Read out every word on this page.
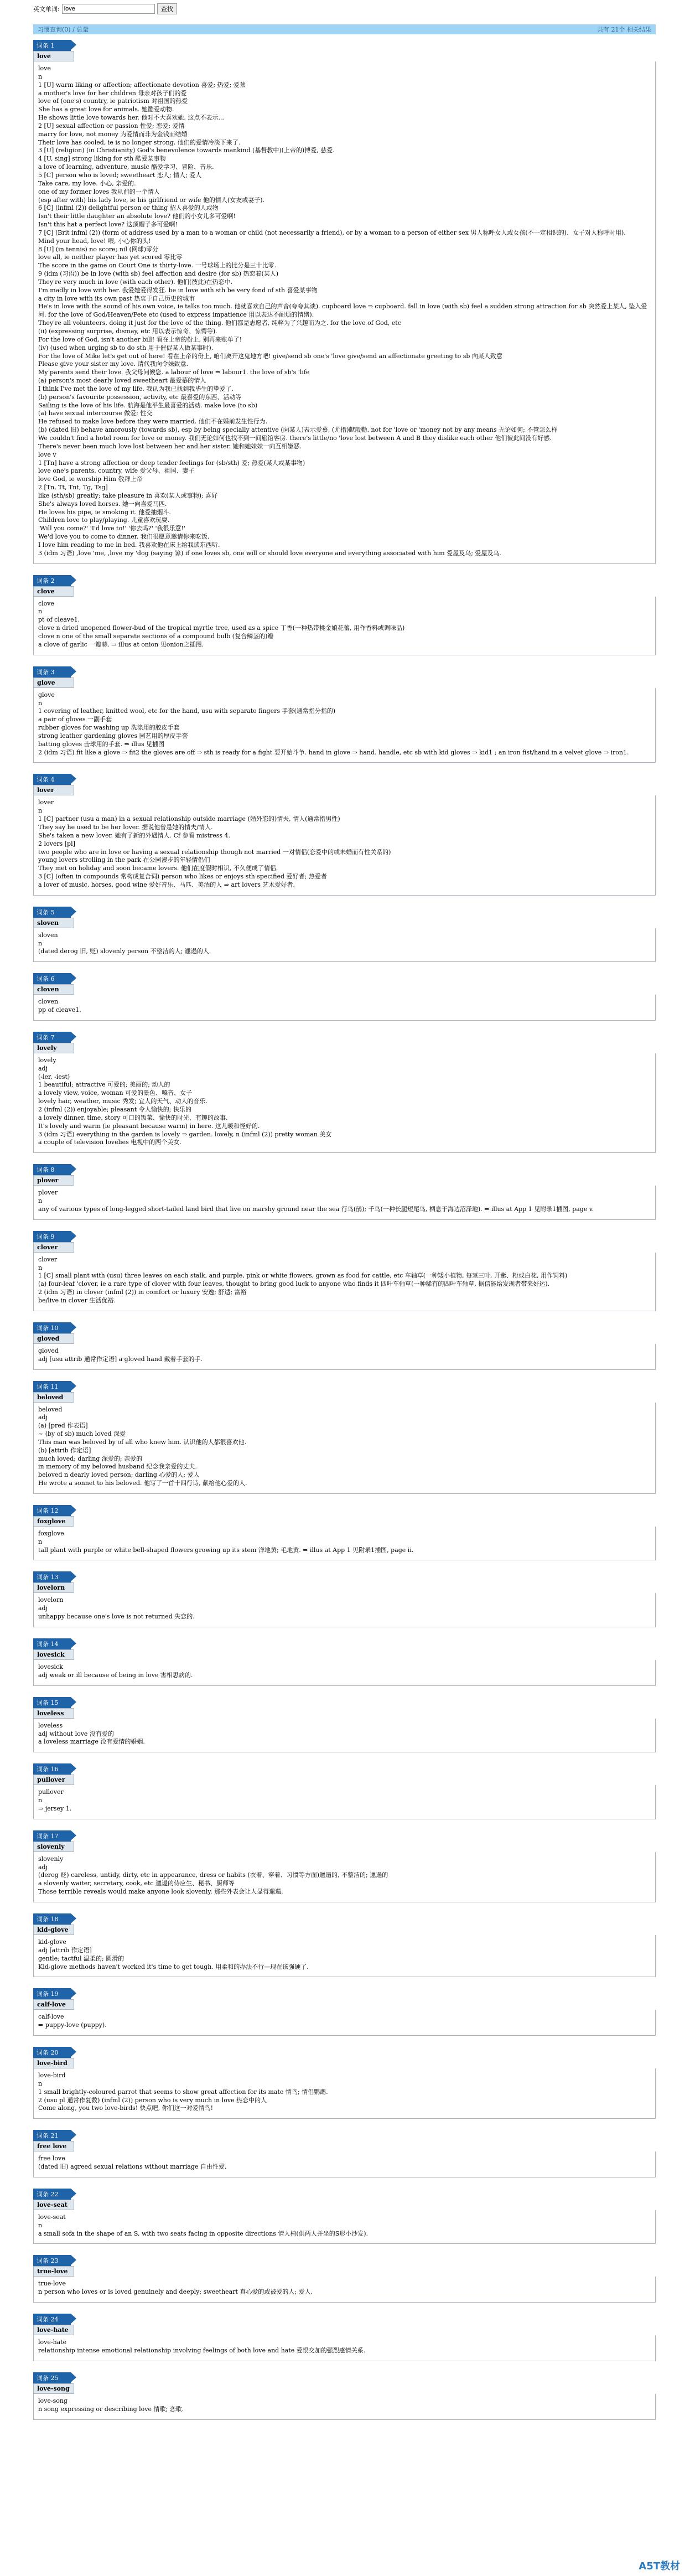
英文单词:
love	查找
习惯查询(0) / 总量	共有 21个 相关结果
词条 1
love
love
n
1 [U] warm liking or affection; affectionate devotion 喜爱; 热爱; 爱慕
a mother's love for her children 母亲对孩子们的爱
love of (one's) country, ie patriotism 对祖国的热爱
She has a great love for animals. 她酷爱动物.
He shows little love towards her. 他对不大喜欢她. 这点不表示...
2 [U] sexual affection or passion 性爱; 恋爱; 爱情
marry for love, not money 为爱情而非为金钱而结婚
Their love has cooled, ie is no longer strong. 他们的爱情冷淡下来了.
3 [U] (religion) (in Christianity) God's benevolence towards mankind (基督教中)(上帝的)博爱, 慈爱.
4 [U, sing] strong liking for sth 酷爱某事物
a love of learning, adventure, music 酷爱学习、冒险、音乐.
5 [C] person who is loved; sweetheart 恋人; 情人; 爱人
Take care, my love. 小心, 亲爱的.
one of my former loves 我从前的一个情人
(esp after with) his lady love, ie his girlfriend or wife 他的情人(女友或妻子).
6 [C] (infml (2)) delightful person or thing 招人喜爱的人或物
Isn't their little daughter an absolute love? 他们的小女儿多可爱啊!
Isn't this hat a perfect love? 这顶帽子多可爱啊!
7 [C] (Brit infml (2)) (form of address used by a man to a woman or child (not necessarily a friend), or by a woman to a person of either sex 男人称呼女人或女孩(不一定相识的)、女子对人称呼时用).
Mind your head, love! 喂, 小心你的头!
8 [U] (in tennis) no score; nil (网球)零分
love all, ie neither player has yet scored 零比零
The score in the game on Court One is thirty-love. 一号球场上的比分是三十比零.
9 (idm (习语)) be in love (with sb) feel affection and desire (for sb) 热恋着(某人)
They're very much in love (with each other). 他们(彼此)在热恋中.
I'm madly in love with her. 我爱她爱得发狂. be in love with sth be very fond of sth 喜爱某事物
a city in love with its own past 热衷于自己历史的城市
He's in love with the sound of his own voice, ie talks too much. 他就喜欢自己的声音(夸夸其谈). cupboard love ⇒ cupboard. fall in love (with sb) feel a sudden strong attraction for sb 突然爱上某人, 坠入爱河. for the love of God/Heaven/Pete etc (used to express impatience 用以表达不耐烦的情绪).
They're all volunteers, doing it just for the love of the thing. 他们都是志愿者, 纯粹为了兴趣而为之. for the love of God, etc
(ii) (expressing surprise, dismay, etc 用以表示惊奇、惊愕等).
For the love of God, isn't another bill! 看在上帝的份上, 别再来账单了!
(iv) (used when urging sb to do sth 用于催促某人做某事时).
For the love of Mike let's get out of here! 看在上帝的份上, 咱们离开这鬼地方吧! give/send sb one's 'love give/send an affectionate greeting to sb 向某人致意
Please give your sister my love. 请代我向令妹致意.
My parents send their love. 我父母问候您. a labour of love ⇒ labour1. the love of sb's 'life
(a) person's most dearly loved sweetheart 最爱慕的情人
I think I've met the love of my life. 我认为我已找到我毕生的挚爱了.
(b) person's favourite possession, activity, etc 最喜爱的东西、活动等
Sailing is the love of his life. 航海是他平生最喜爱的活动. make love (to sb)
(a) have sexual intercourse 做爱; 性交
He refused to make love before they were married. 他们不在婚前发生性行为.
(b) (dated 旧) behave amorously (towards sb), esp by being specially attentive (向某人)表示爱慕, (尤指)献殷勤. not for 'love or 'money not by any means 无论如何; 不管怎么样
We couldn't find a hotel room for love or money. 我们无论如何也找不到一间旅馆客房. there's little/no 'love lost between A and B they dislike each other 他们彼此间没有好感.
There's never been much love lost between her and her sister. 她和她妹妹一向互相嫌恶.
love v
1 [Tn] have a strong affection or deep tender feelings for (sb/sth) 爱; 热爱(某人或某事物)
love one's parents, country, wife 爱父母、祖国、妻子
love God, ie worship Him 敬拜上帝
2 [Tn, Tt, Tnt, Tg, Tsg]
like (sth/sb) greatly; take pleasure in 喜欢(某人或事物); 喜好
She's always loved horses. 她一向喜爱马匹.
He loves his pipe, ie smoking it. 他爱抽烟斗.
Children love to play/playing. 儿童喜欢玩耍.
'Will you come?' 'I'd love to!' '你去吗?' '我很乐意!'
We'd love you to come to dinner. 我们很愿意邀请你来吃饭.
I love him reading to me in bed. 我喜欢他在床上给我读东西听.
3 (idm 习语) ,love 'me, ,love my 'dog (saying 谚) if one loves sb, one will or should love everyone and everything associated with him 爱屋及乌; 爱屋及乌.
词条 2
clove
clove
n
pt of cleave1.
clove n dried unopened flower-bud of the tropical myrtle tree, used as a spice 丁香(一种热带桃金娘花蕾, 用作香料或调味品)
clove n one of the small separate sections of a compound bulb (复合鳞茎的)瓣
a clove of garlic 一瓣蒜. ⇒ illus at onion 见onion之插图.
词条 3
glove
glove
n
1 covering of leather, knitted wool, etc for the hand, usu with separate fingers 手套(通常指分指的)
a pair of gloves 一副手套
rubber gloves for washing up 洗涤用的胶皮手套
strong leather gardening gloves 园艺用的厚皮手套
batting gloves 击球用的手套. ⇒ illus 见插图
2 (idm 习语) fit like a glove ⇒ fit2 the gloves are off ⇒ sth is ready for a fight 要开始斗争. hand in glove ⇒ hand. handle, etc sb with kid gloves ⇒ kid1 ; an iron fist/hand in a velvet glove ⇒ iron1.
词条 4
lover
lover
n
1 [C] partner (usu a man) in a sexual relationship outside marriage (婚外恋的)情夫, 情人(通常指男性)
They say he used to be her lover. 据说他曾是她的情夫/情人.
She's taken a new lover. 她有了新的外遇情人. Cf 参看 mistress 4.
2 lovers [pl]
two people who are in love or having a sexual relationship though not married 一对情侣(恋爱中的或未婚而有性关系的)
young lovers strolling in the park 在公园漫步的年轻情侣们
They met on holiday and soon became lovers. 他们在度假时相识, 不久便成了情侣.
3 [C] (often in compounds 常构成复合词) person who likes or enjoys sth specified 爱好者; 热爱者
a lover of music, horses, good wine 爱好音乐、马匹、美酒的人 ⇒ art lovers 艺术爱好者.
词条 5
sloven
sloven
n
(dated derog 旧, 贬) slovenly person 不整洁的人; 邋遢的人.
词条 6
cloven
cloven
pp of cleave1.
词条 7
lovely
lovely
adj
(-ier, -iest)
1 beautiful; attractive 可爱的; 美丽的; 动人的
a lovely view, voice, woman 可爱的景色、嗓音、女子
lovely hair, weather, music 秀发; 宜人的天气、动人的音乐.
2 (infml (2)) enjoyable; pleasant 令人愉快的; 快乐的
a lovely dinner, time, story 可口的饭菜、愉快的时光、有趣的故事.
It's lovely and warm (ie pleasant because warm) in here. 这儿暖和怪好的.
3 (idm 习语) everything in the garden is lovely ⇒ garden. lovely, n (infml (2)) pretty woman 美女
a couple of television lovelies 电视中的两个美女.
词条 8
plover
plover
n
any of various types of long-legged short-tailed land bird that live on marshy ground near the sea 行鸟(鸻); 千鸟(一种长腿短尾鸟, 栖息于海边沼泽地). ⇒ illus at App 1 见附录1插图, page v.
词条 9
clover
clover
n
1 [C] small plant with (usu) three leaves on each stalk, and purple, pink or white flowers, grown as food for cattle, etc 车轴草(一种矮小植物, 每茎三叶, 开紫、粉或白花, 用作饲料)
(a) four-leaf 'clover, ie a rare type of clover with four leaves, thought to bring good luck to anyone who finds it 四叶车轴草(一种稀有的四叶车轴草, 据信能给发现者带来好运).
2 (idm 习语) in clover (infml (2)) in comfort or luxury 安逸; 舒适; 富裕
be/live in clover 生活优裕.
词条 10
gloved
gloved
adj [usu attrib 通常作定语] a gloved hand 戴着手套的手.
词条 11
beloved
beloved
adj
(a) [pred 作表语]
~ (by of sb) much loved 深爱
This man was beloved by of all who knew him. 认识他的人都很喜欢他.
(b) [attrib 作定语]
much loved; darling 深爱的; 亲爱的
in memory of my beloved husband 纪念我亲爱的丈夫.
beloved n dearly loved person; darling 心爱的人; 爱人
He wrote a sonnet to his beloved. 他写了一首十四行诗, 献给他心爱的人.
词条 12
foxglove
foxglove
n
tall plant with purple or white bell-shaped flowers growing up its stem 洋地黄; 毛地黄. ⇒ illus at App 1 见附录1插图, page ii.
词条 13
lovelorn
lovelorn
adj
unhappy because one's love is not returned 失恋的.
词条 14
lovesick
lovesick
adj weak or ill because of being in love 害相思病的.
词条 15
loveless
loveless
adj without love 没有爱的
a loveless marriage 没有爱情的婚姻.
词条 16
pullover
pullover
n
⇒ jersey 1.
词条 17
slovenly
slovenly
adj
(derog 贬) careless, untidy, dirty, etc in appearance, dress or habits (衣着、穿着、习惯等方面)邋遢的, 不整洁的; 邋遢的
a slovenly waiter, secretary, cook, etc 邋遢的侍应生、秘书、厨师等
Those terrible reveals would make anyone look slovenly. 那些外表会让人显得邋遢.
词条 18
kid-glove
kid-glove
adj [attrib 作定语]
gentle; tactful 温柔的; 圆滑的
Kid-glove methods haven't worked it's time to get tough. 用柔和的办法不行—现在该强硬了.
词条 19
calf-love
calf-love
⇒ puppy-love (puppy).
词条 20
love-bird
love-bird
n
1 small brightly-coloured parrot that seems to show great affection for its mate 情鸟; 情侣鹦鹉.
2 (usu pl 通常作复数) (infml (2)) person who is very much in love 热恋中的人
Come along, you two love-birds! 快点吧, 你们这一对爱情鸟!
词条 21
free love
free love
(dated 旧) agreed sexual relations without marriage 自由性爱.
词条 22
love-seat
love-seat
n
a small sofa in the shape of an S, with two seats facing in opposite directions 情人椅(供两人并坐的S形小沙发).
词条 23
true-love
true-love
n person who loves or is loved genuinely and deeply; sweetheart 真心爱的或被爱的人; 爱人.
词条 24
love-hate
love-hate
relationship intense emotional relationship involving feelings of both love and hate 爱恨交加的强烈感情关系.
词条 25
love-song
love-song
n song expressing or describing love 情歌; 恋歌.
A5T教材
